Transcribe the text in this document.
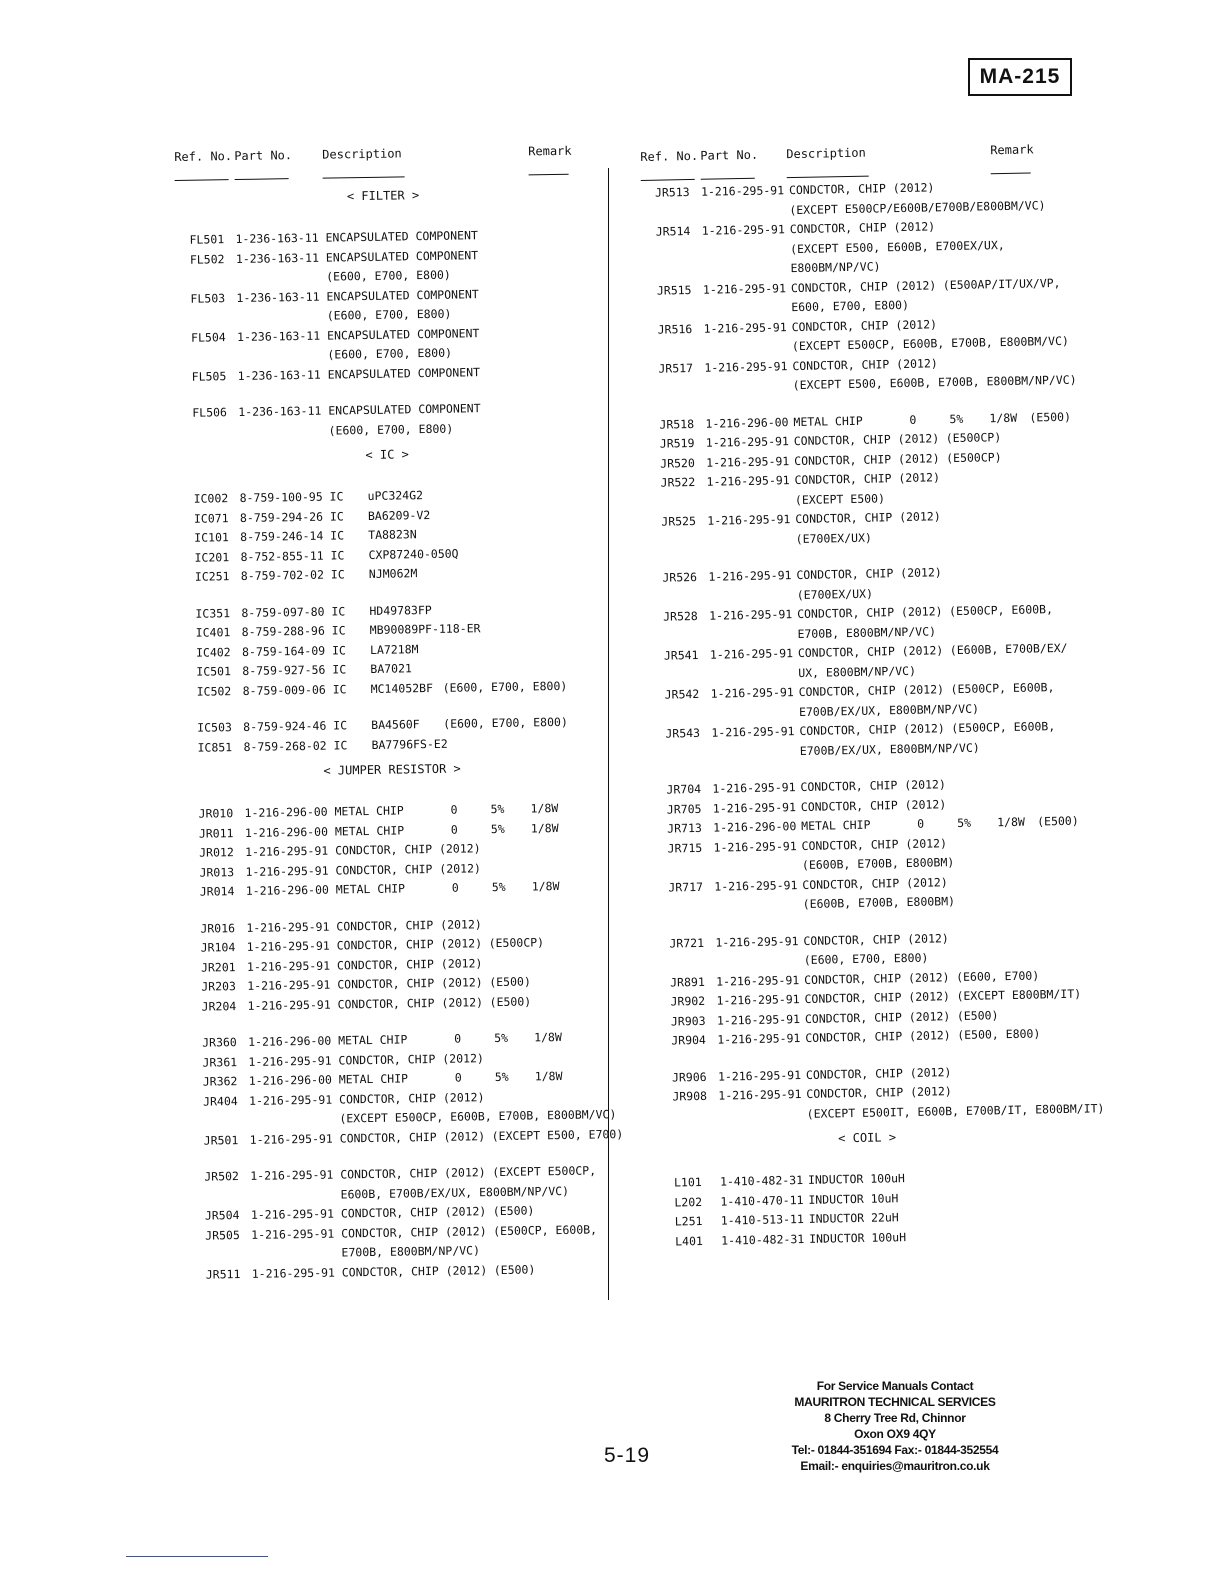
MA-215
Ref. No. Part No. Description	Remark
< FILTER >
FL501 1-236-163-11 ENCAPSULATED COMPONENT
FL502 1-236-163-11 ENCAPSULATED COMPONENT
(E600, E700, E800)
FL503 1-236-163-11 ENCAPSULATED COMPONENT
(E600, E700, E800)
FL504 1-236-163-11 ENCAPSULATED COMPONENT
(E600, E700, E800)
FL505 1-236-163-11 ENCAPSULATED COMPONENT
FL506 1-236-163-11 ENCAPSULATED COMPONENT
(E600, E700, E800)
< IC >
IC002 8-759-100-95 IC uPC324G2
IC071 8-759-294-26 IC BA6209-V2
IC101 8-759-246-14 IC TA8823N
IC201 8-752-855-11 IC CXP87240-050Q
IC251 8-759-702-02 IC NJM062M
IC351 8-759-097-80 IC HD49783FP
IC401 8-759-288-96 IC MB90089PF-118-ER
IC402 8-759-164-09 IC LA7218M
IC501 8-759-927-56 IC BA7021
IC502 8-759-009-06 IC MC14052BF (E600, E700, E800)
IC503 8-759-924-46 IC BA4560F (E600, E700, E800)
IC851 8-759-268-02 IC BA7796FS-E2
< JUMPER RESISTOR >
JR010 1-216-296-00 METAL CHIP	0	5% 1/8W
JR011 1-216-296-00 METAL CHIP	0	5% 1/8W
JR012 1-216-295-91 CONDCTOR, CHIP (2012)
JR013 1-216-295-91 CONDCTOR, CHIP (2012)
JR014 1-216-296-00 METAL CHIP	0	5% 1/8W
JR016 1-216-295-91 CONDCTOR, CHIP (2012)
JR104 1-216-295-91 CONDCTOR, CHIP (2012) (E500CP)
JR201 1-216-295-91 CONDCTOR, CHIP (2012)
JR203 1-216-295-91 CONDCTOR, CHIP (2012) (E500)
JR204 1-216-295-91 CONDCTOR, CHIP (2012) (E500)
JR360 1-216-296-00 METAL CHIP	0	5% 1/8W
JR361 1-216-295-91 CONDCTOR, CHIP (2012)
JR362 1-216-296-00 METAL CHIP	0	5% 1/8W
JR404 1-216-295-91 CONDCTOR, CHIP (2012)
(EXCEPT E500CP, E600B, E700B, E800BM/VC)
JR501 1-216-295-91 CONDCTOR, CHIP (2012) (EXCEPT E500, E700)
JR502 1-216-295-91 CONDCTOR, CHIP (2012) (EXCEPT E500CP,
E600B, E700B/EX/UX, E800BM/NP/VC)
JR504 1-216-295-91 CONDCTOR, CHIP (2012) (E500)
JR505 1-216-295-91 CONDCTOR, CHIP (2012) (E500CP, E600B,
E700B, E800BM/NP/VC)
JR511 1-216-295-91 CONDCTOR, CHIP (2012) (E500)
Ref. No. Part No. Description	Remark
JR513 1-216-295-91 CONDCTOR, CHIP (2012)
(EXCEPT E500CP/E600B/E700B/E800BM/VC)
JR514 1-216-295-91 CONDCTOR, CHIP (2012)
(EXCEPT E500, E600B, E700EX/UX,
E800BM/NP/VC)
JR515 1-216-295-91 CONDCTOR, CHIP (2012) (E500AP/IT/UX/VP,
E600, E700, E800)
JR516 1-216-295-91 CONDCTOR, CHIP (2012)
(EXCEPT E500CP, E600B, E700B, E800BM/VC)
JR517 1-216-295-91 CONDCTOR, CHIP (2012)
(EXCEPT E500, E600B, E700B, E800BM/NP/VC)
JR518 1-216-296-00 METAL CHIP	0	5% 1/8W (E500)
JR519 1-216-295-91 CONDCTOR, CHIP (2012) (E500CP)
JR520 1-216-295-91 CONDCTOR, CHIP (2012) (E500CP)
JR522 1-216-295-91 CONDCTOR, CHIP (2012)
(EXCEPT E500)
JR525 1-216-295-91 CONDCTOR, CHIP (2012)
(E700EX/UX)
JR526 1-216-295-91 CONDCTOR, CHIP (2012)
(E700EX/UX)
JR528 1-216-295-91 CONDCTOR, CHIP (2012) (E500CP, E600B,
E700B, E800BM/NP/VC)
JR541 1-216-295-91 CONDCTOR, CHIP (2012) (E600B, E700B/EX/
UX, E800BM/NP/VC)
JR542 1-216-295-91 CONDCTOR, CHIP (2012) (E500CP, E600B,
E700B/EX/UX, E800BM/NP/VC)
JR543 1-216-295-91 CONDCTOR, CHIP (2012) (E500CP, E600B,
E700B/EX/UX, E800BM/NP/VC)
JR704 1-216-295-91 CONDCTOR, CHIP (2012)
JR705 1-216-295-91 CONDCTOR, CHIP (2012)
JR713 1-216-296-00 METAL CHIP	0	5% 1/8W (E500)
JR715 1-216-295-91 CONDCTOR, CHIP (2012)
(E600B, E700B, E800BM)
JR717 1-216-295-91 CONDCTOR, CHIP (2012)
(E600B, E700B, E800BM)
JR721 1-216-295-91 CONDCTOR, CHIP (2012)
(E600, E700, E800)
JR891 1-216-295-91 CONDCTOR, CHIP (2012) (E600, E700)
JR902 1-216-295-91 CONDCTOR, CHIP (2012) (EXCEPT E800BM/IT)
JR903 1-216-295-91 CONDCTOR, CHIP (2012) (E500)
JR904 1-216-295-91 CONDCTOR, CHIP (2012) (E500, E800)
JR906 1-216-295-91 CONDCTOR, CHIP (2012)
JR908 1-216-295-91 CONDCTOR, CHIP (2012)
(EXCEPT E500IT, E600B, E700B/IT, E800BM/IT)
< COIL >
L101 1-410-482-31 INDUCTOR 100uH
L202 1-410-470-11 INDUCTOR 10uH
L251 1-410-513-11 INDUCTOR 22uH
L401 1-410-482-31 INDUCTOR 100uH
5-19
For Service Manuals Contact
MAURITRON TECHNICAL SERVICES
8 Cherry Tree Rd, Chinnor
Oxon OX9 4QY
Tel:- 01844-351694 Fax:- 01844-352554
Email:- enquiries@mauritron.co.uk
